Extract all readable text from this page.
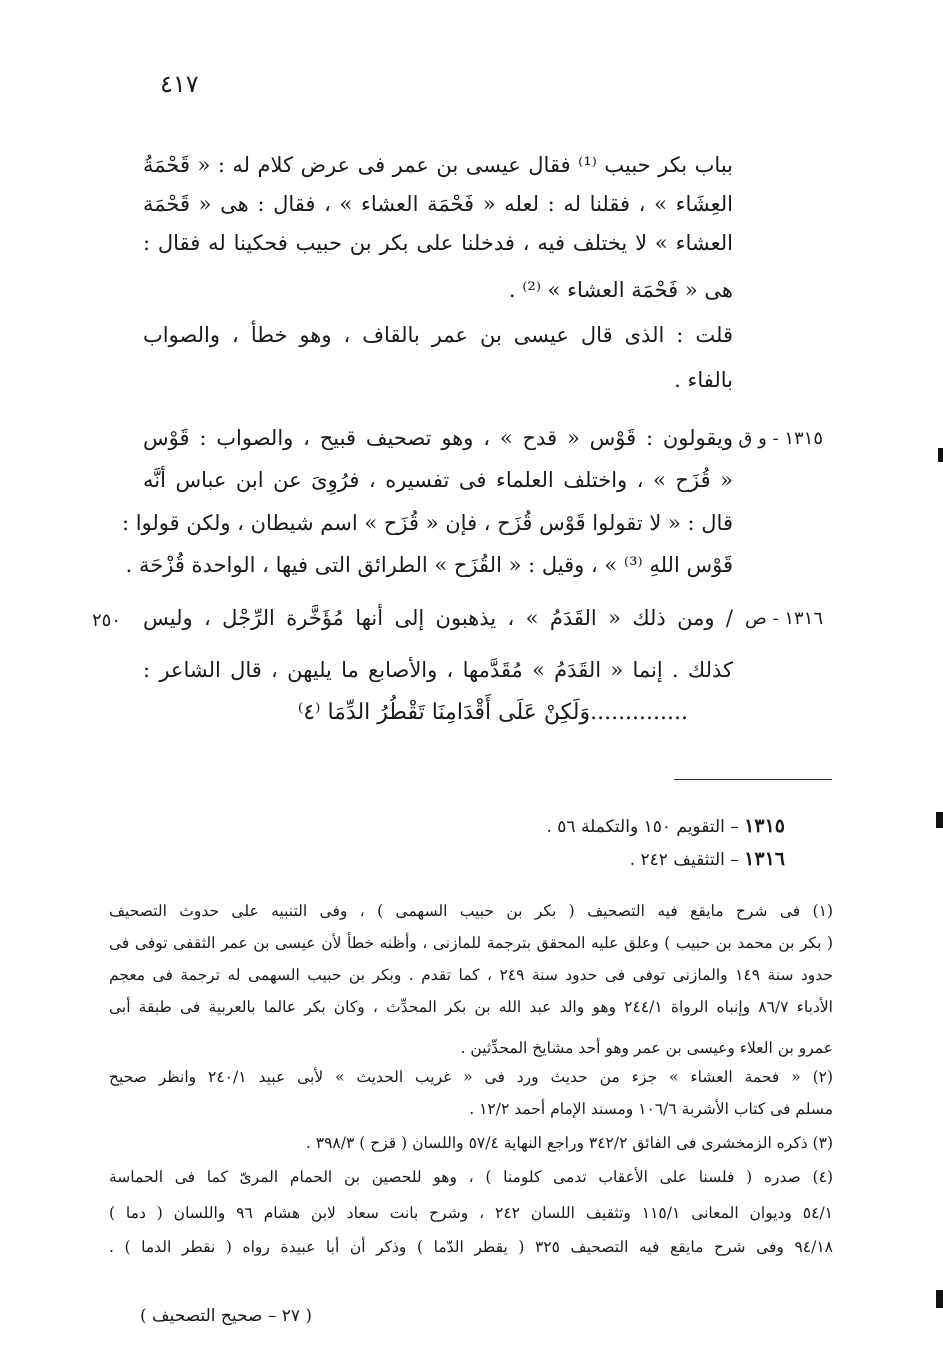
٤١٧
بباب بكر حبيب ⁽¹⁾ فقال عيسى بن عمر فى عرض كلام له : « قَحْمَةُ
العِشَاء » ، فقلنا له : لعله « فَحْمَة العشاء » ، فقال : هى « قَحْمَة
العشاء » لا يختلف فيه ، فدخلنا على بكر بن حبيب فحكينا له فقال :
هى « فَحْمَة العشاء » ⁽²⁾ .
قلت : الذى قال عيسى بن عمر بالقاف ، وهو خطأ ، والصواب
بالفاء .
ويقولون : قَوْس « قدح » ، وهو تصحيف قبيح ، والصواب : قَوْس
« قُزَح » ، واختلف العلماء فى تفسيره ، فرُوِىَ عن ابن عباس أنَّه
قال : « لا تقولوا قَوْس قُزَح ، فإن « قُزَح » اسم شيطان ، ولكن قولوا :
قَوْس اللهِ ⁽³⁾ » ، وقيل : « القُزَح » الطرائق التى فيها ، الواحدة قُزْحَة .
/ ومن ذلك « القَدَمُ » ، يذهبون إلى أنها مُؤَخَّرة الرِّجْل ، وليس
كذلك . إنما « القَدَمُ » مُقَدَّمها ، والأصابع ما يليهن ، قال الشاعر :
١٣١٥ - و ق
١٣١٦ - ص
٢٥٠
..............وَلَكِنْ عَلَى أَقْدَامِنَا تَقْطُرُ الدِّمَا ⁽٤⁾
١٣١٥ – التقويم ١٥٠ والتكملة ٥٦ .
١٣١٦ – التثقيف ٢٤٢ .
(١) فى شرح مايقع فيه التصحيف ( بكر بن حبيب السهمى ) ، وفى التنبيه على حدوث التصحيف
( بكر بن محمد بن حبيب ) وعلق عليه المحقق بترجمة للمازنى ، وأظنه خطأ لأن عيسى بن عمر الثقفى توفى فى
حدود سنة ١٤٩ والمازنى توفى فى حدود سنة ٢٤٩ ، كما تقدم . وبكر بن حبيب السهمى له ترجمة فى معجم
الأدباء ٨٦/٧ وإنباه الرواة ٢٤٤/١ وهو والد عبد الله بن بكر المحدِّث ، وكان بكر عالما بالعربية فى طبقة أبى
عمرو بن العلاء وعيسى بن عمر وهو أحد مشايخ المحدِّثين .
(٢) « فحمة العشاء » جزء من حديث ورد فى « غريب الحديث » لأبى عبيد ٢٤٠/١ وانظر صحيح
مسلم فى كتاب الأشربة ١٠٦/٦ ومسند الإمام أحمد ١٢/٢ .
(٣) ذكره الزمخشرى فى الفائق ٣٤٢/٢ وراجع النهاية ٥٧/٤ واللسان ( قزح ) ٣٩٨/٣ .
(٤) صدره ( فلسنا على الأعقاب تدمى كلومنا ) ، وهو للحصين بن الحمام المرىّ كما فى الحماسة
٥٤/١ وديوان المعانى ١١٥/١ وتثقيف اللسان ٢٤٢ ، وشرح بانت سعاد لابن هشام ٩٦ واللسان ( دما )
٩٤/١٨ وفى شرح مايقع فيه التصحيف ٣٢٥ ( يقطر الدّما ) وذكر أن أبا عبيدة رواه ( نقطر الدما ) .
( ٢٧ – صحيح التصحيف )
